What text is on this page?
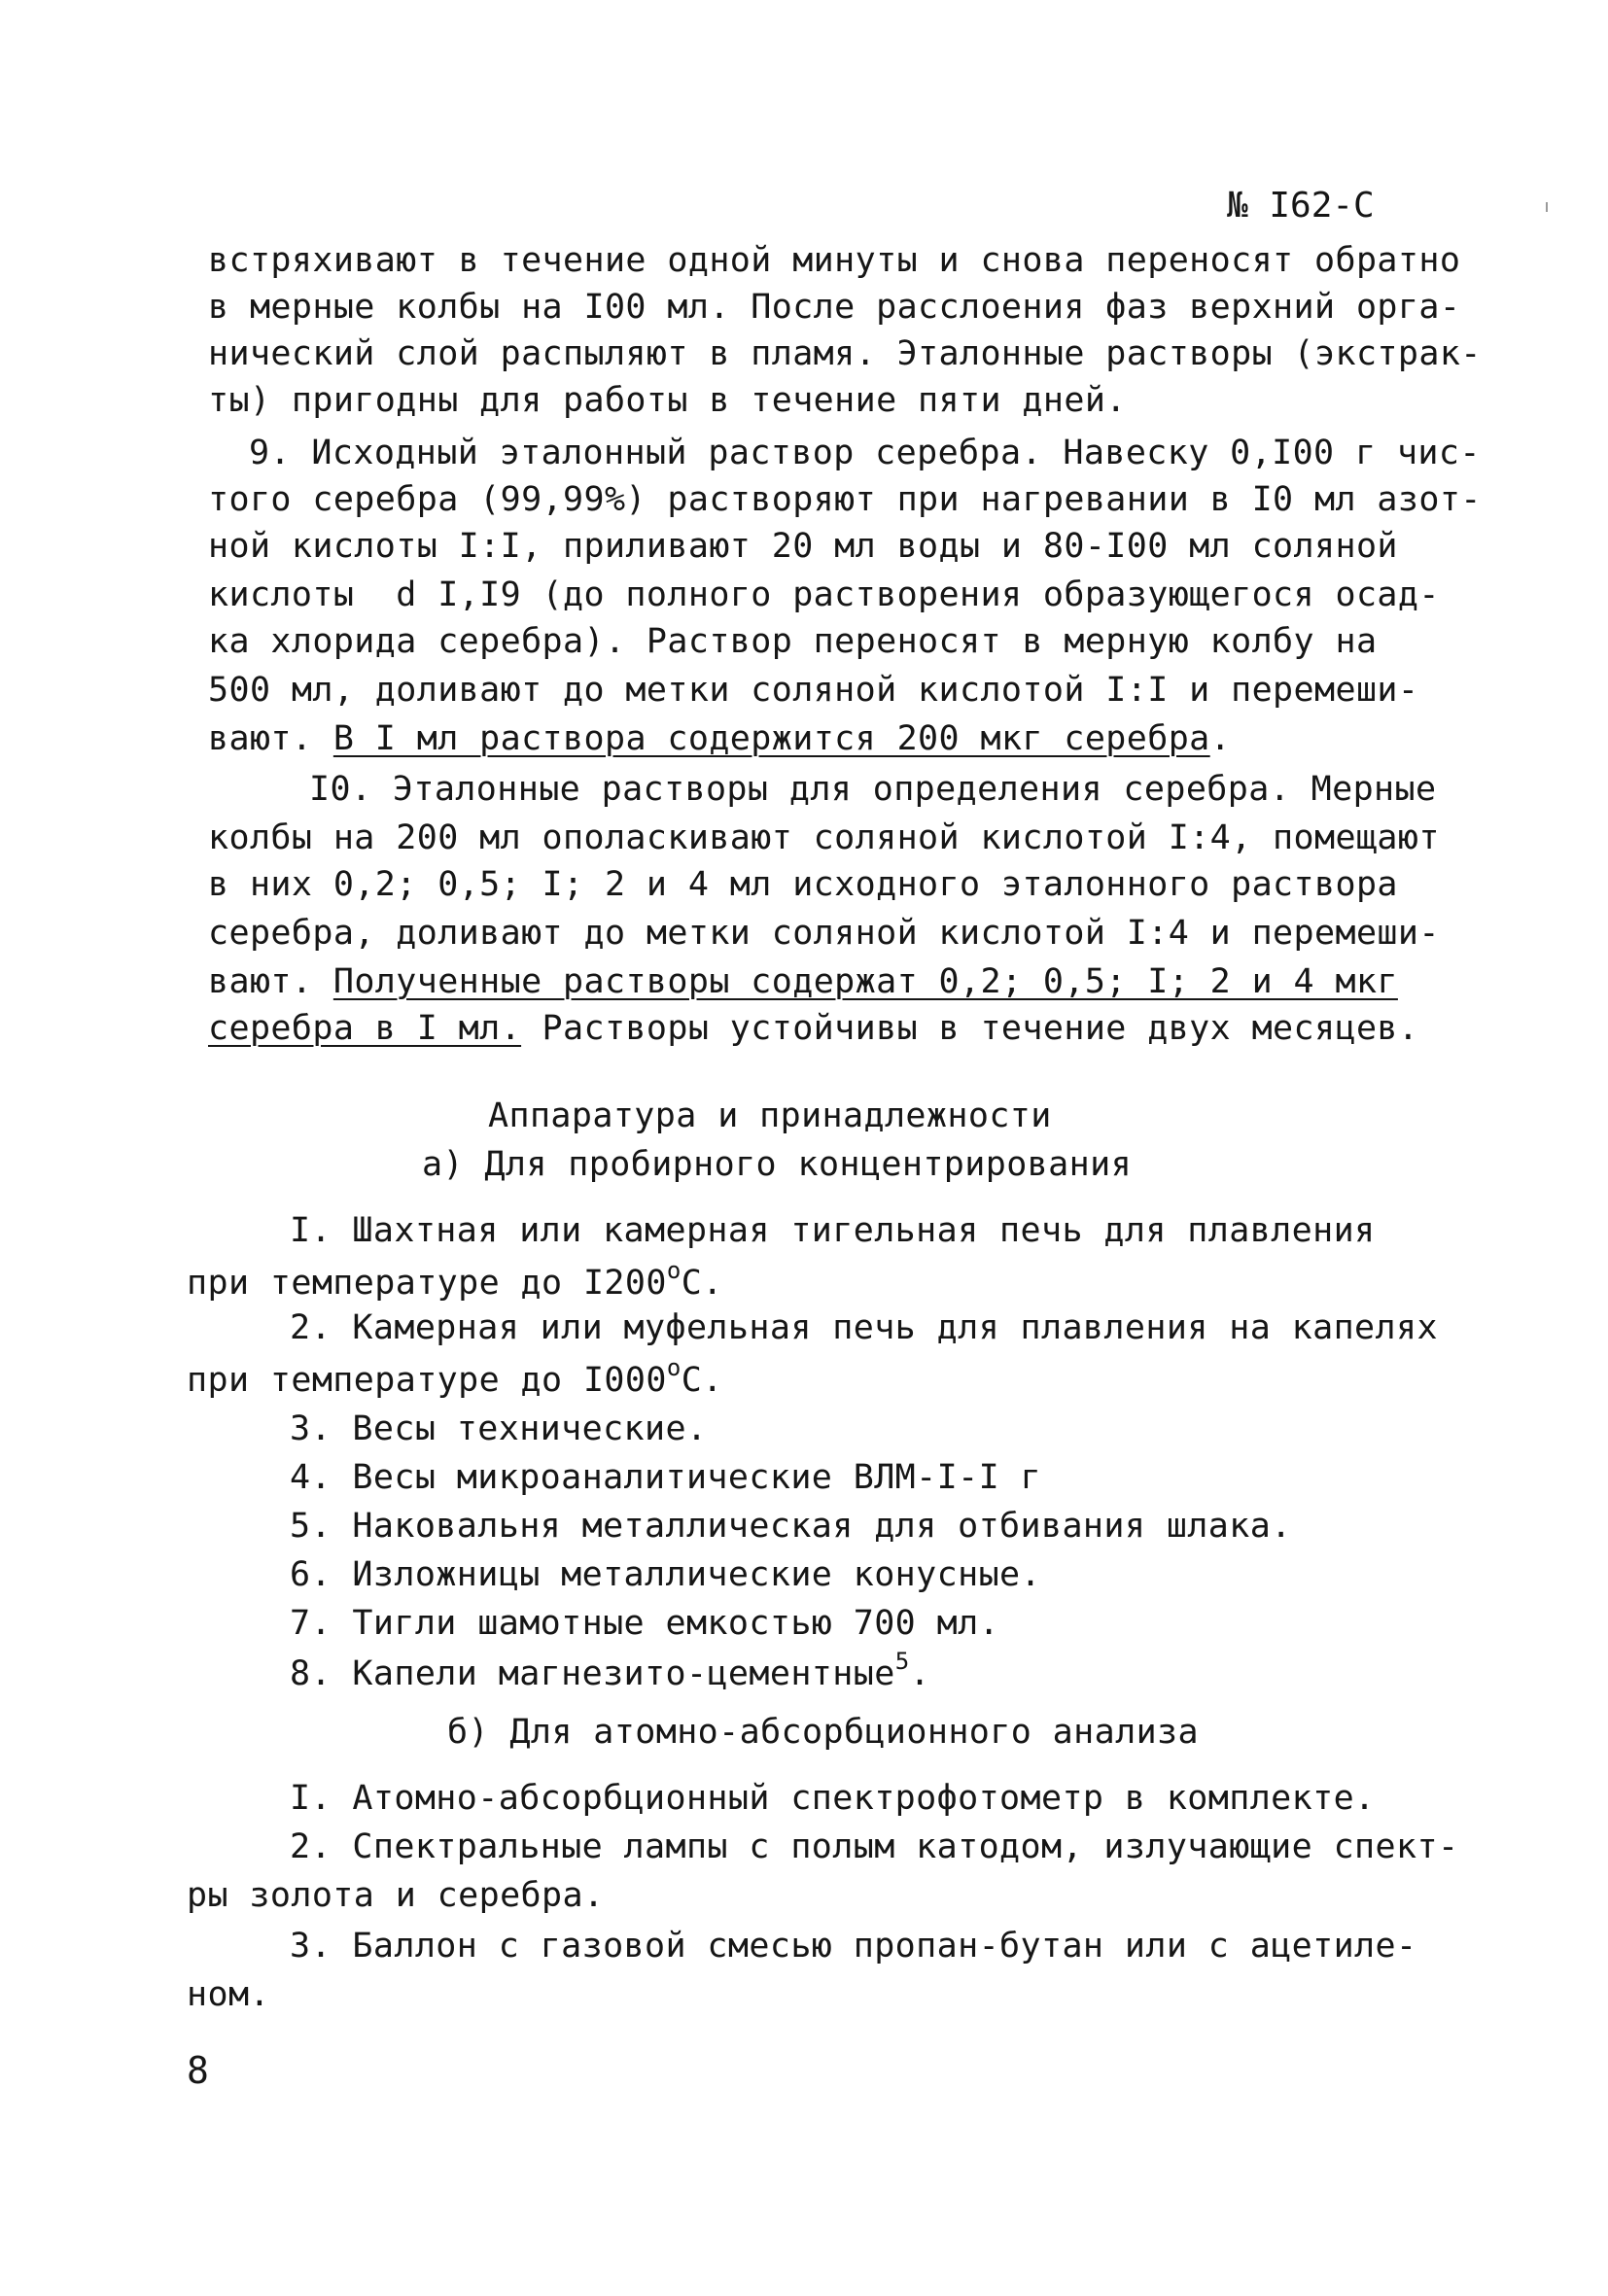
№ I62-С
встряхивают в течение одной минуты и снова переносят обратно
в мерные колбы на I00 мл. После расслоения фаз верхний орга-
нический слой распыляют в пламя. Эталонные растворы (экстрак-
ты) пригодны для работы в течение пяти дней.
9. Исходный эталонный раствор серебра. Навеску 0,I00 г чис-
того серебра (99,99%) растворяют при нагревании в I0 мл азот-
ной кислоты I:I, приливают 20 мл воды и 80-I00 мл соляной
кислоты  d I,I9 (до полного растворения образующегося осад-
ка хлорида серебра). Раствор переносят в мерную колбу на
500 мл, доливают до метки соляной кислотой I:I и перемеши-
вают. В I мл раствора содержится 200 мкг серебра.
I0. Эталонные растворы для определения серебра. Мерные
колбы на 200 мл ополаскивают соляной кислотой I:4, помещают
в них 0,2; 0,5; I; 2 и 4 мл исходного эталонного раствора
серебра, доливают до метки соляной кислотой I:4 и перемеши-
вают. Полученные растворы содержат 0,2; 0,5; I; 2 и 4 мкг
серебра в I мл. Растворы устойчивы в течение двух месяцев.
Аппаратура и принадлежности
а) Для пробирного концентрирования
I. Шахтная или камерная тигельная печь для плавления
при температуре до $I200^оС$.
2. Камерная или муфельная печь для плавления на капелях
при температуре до $I000^оС$.
3. Весы технические.
4. Весы микроаналитические ВЛМ-I-I г
5. Наковальня металлическая для отбивания шлака.
6. Изложницы металлические конусные.
7. Тигли шамотные емкостью 700 мл.
8. Капели магнезито-цементные$^5$.
б) Для атомно-абсорбционного анализа
I. Атомно-абсорбционный спектрофотометр в комплекте.
2. Спектральные лампы с полым катодом, излучающие спект-
ры золота и серебра.
3. Баллон с газовой смесью пропан-бутан или с ацетиле-
ном.
8
